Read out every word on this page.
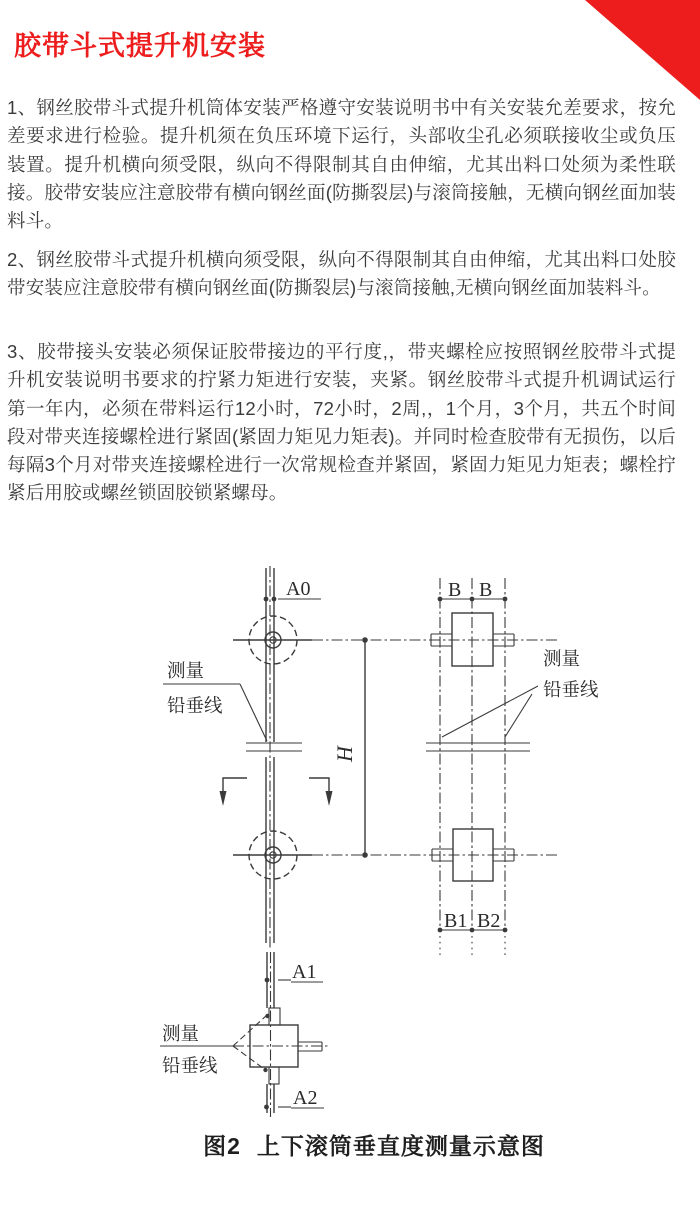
胶带斗式提升机安装

1、钢丝胶带斗式提升机筒体安装严格遵守安装说明书中有关安装允差要求，按允差要求进行检验。提升机须在负压环境下运行，头部收尘孔必须联接收尘或负压装置。提升机横向须受限，纵向不得限制其自由伸缩，尤其出料口处须为柔性联接。胶带安装应注意胶带有横向钢丝面(防撕裂层)与滚筒接触，无横向钢丝面加装料斗。

2、钢丝胶带斗式提升机横向须受限，纵向不得限制其自由伸缩，尤其出料口处胶带安装应注意胶带有横向钢丝面(防撕裂层)与滚筒接触,无横向钢丝面加装料斗。

3、胶带接头安装必须保证胶带接边的平行度,，带夹螺栓应按照钢丝胶带斗式提升机安装说明书要求的拧紧力矩进行安装，夹紧。钢丝胶带斗式提升机调试运行第一年内，必须在带料运行12小时，72小时，2周,，1个月，3个月，共五个时间段对带夹连接螺栓进行紧固(紧固力矩见力矩表)。并同时检查胶带有无损伤，以后每隔3个月对带夹连接螺栓进行一次常规检查并紧固，紧固力矩见力矩表；螺栓拧紧后用胶或螺丝锁固胶锁紧螺母。

A0
测量
铅垂线
H
B B
测量
铅垂线
B1 B2
测量
铅垂线
A1
A2
图2 上下滚筒垂直度测量示意图
